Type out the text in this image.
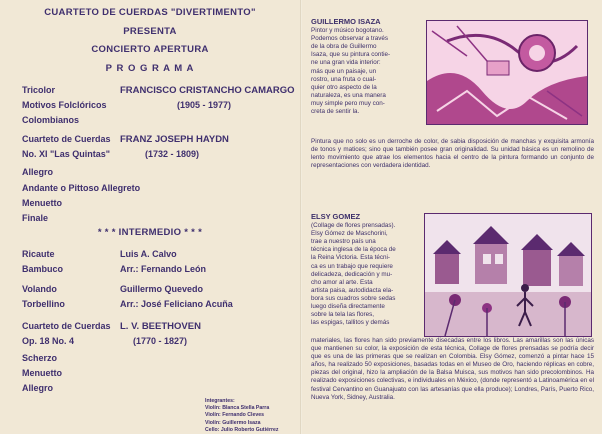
CUARTETO DE CUERDAS "DIVERTIMENTO"
PRESENTA
CONCIERTO APERTURA
P R O G R A M A
Tricolor
Motivos Folclóricos
Colombianos
FRANCISCO CRISTANCHO CAMARGO
(1905 - 1977)
Cuarteto de Cuerdas
No. XI "Las Quintas"
FRANZ JOSEPH HAYDN
(1732 - 1809)
Allegro
Andante o Pittoso Allegreto
Menuetto
Finale
* * * INTERMEDIO * * *
Ricaute
Bambuco
Luis A. Calvo
Arr.: Fernando León
Volando
Torbellino
Guillermo Quevedo
Arr.: José Feliciano Acuña
Cuarteto de Cuerdas
Op. 18 No. 4
L. V. BEETHOVEN
(1770 - 1827)
Scherzo
Menuetto
Allegro
Integrantes:
Violín: Blanca Stella Parra
Violín: Fernando Cleves
Violín: Guillermo Isaza
Cello: Julio Roberto Gutiérrez

GUILLERMO ISAZA

Pintor y músico bogotano.

Podemos observar a través

de la obra de Guillermo

Isaza, que su pintura contie-

ne una gran vida interior:

más que un paisaje, un

rostro, una fruta o cual-

quier otro aspecto de la

naturaleza, es una manera

muy simple pero muy con-

creta de sentir la.

Pintura que no solo es un derroche de color, de sabia disposición de manchas y exquisita armonía de tonos y matices; sino que también posee gran originalidad. Su unidad básica es un remolino de lento movimiento que atrae los elementos hacia el centro de la pintura formando un conjunto de representaciones con verdadera identidad.

ELSY GOMEZ

(Collage de flores prensadas).

Elsy Gómez de Maschorini,

trae a nuestro país una

técnica inglesa de la época de

la Reina Victoria. Esta técni-

ca es un trabajo que requiere

delicadeza, dedicación y mu-

cho amor al arte. Esta

artista paisa, autodidacta ela-

bora sus cuadros sobre sedas

luego diseña directamente

sobre la tela las flores,

las espigas, tallitos y demás

materiales, las flores han sido previamente disecadas entre los libros. Las amarillas son las únicas que mantienen su color, la exposición de esta técnica, Collage de flores prensadas se podría decir que es una de las primeras que se realizan en Colombia. Elsy Gómez, comenzó a pintar hace 15 años, ha realizado 50 exposiciones, basadas todas en el Museo de Oro, haciendo réplicas en cobre, piezas del original, hizo la ampliación de la Balsa Muisca, sus motivos han sido precolombinos. Ha realizado exposiciones colectivas, e individuales en México, (donde representó a Latinoamérica en el festival Cervantino en Guanajuato con las artesanías que ella produce); Londres, París, Puerto Rico, Nueva York, Sidney, Australia.
